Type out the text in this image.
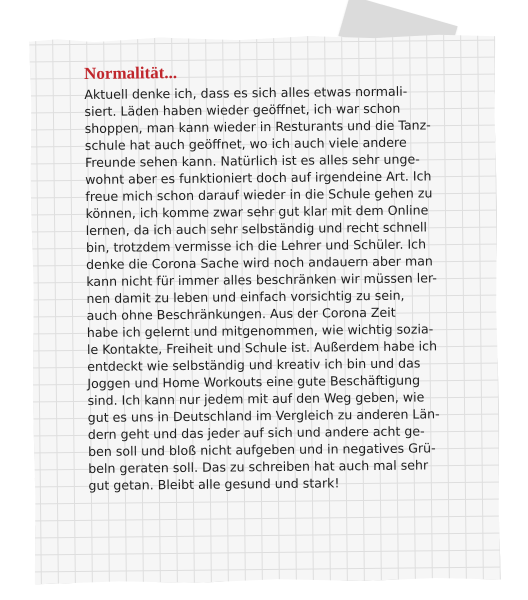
Normalität...
Aktuell denke ich, dass es sich alles etwas normali-
siert. Läden haben wieder geöffnet, ich war schon
shoppen, man kann wieder in Resturants und die Tanz-
schule hat auch geöffnet, wo ich auch viele andere
Freunde sehen kann. Natürlich ist es alles sehr unge-
wohnt aber es funktioniert doch auf irgendeine Art. Ich
freue mich schon darauf wieder in die Schule gehen zu
können, ich komme zwar sehr gut klar mit dem Online
lernen, da ich auch sehr selbständig und recht schnell
bin, trotzdem vermisse ich die Lehrer und Schüler. Ich
denke die Corona Sache wird noch andauern aber man
kann nicht für immer alles beschränken wir müssen ler-
nen damit zu leben und einfach vorsichtig zu sein,
auch ohne Beschränkungen. Aus der Corona Zeit
habe ich gelernt und mitgenommen, wie wichtig sozia-
le Kontakte, Freiheit und Schule ist. Außerdem habe ich
entdeckt wie selbständig und kreativ ich bin und das
Joggen und Home Workouts eine gute Beschäftigung
sind. Ich kann nur jedem mit auf den Weg geben, wie
gut es uns in Deutschland im Vergleich zu anderen Län-
dern geht und das jeder auf sich und andere acht ge-
ben soll und bloß nicht aufgeben und in negatives Grü-
beln geraten soll. Das zu schreiben hat auch mal sehr
gut getan. Bleibt alle gesund und stark!
